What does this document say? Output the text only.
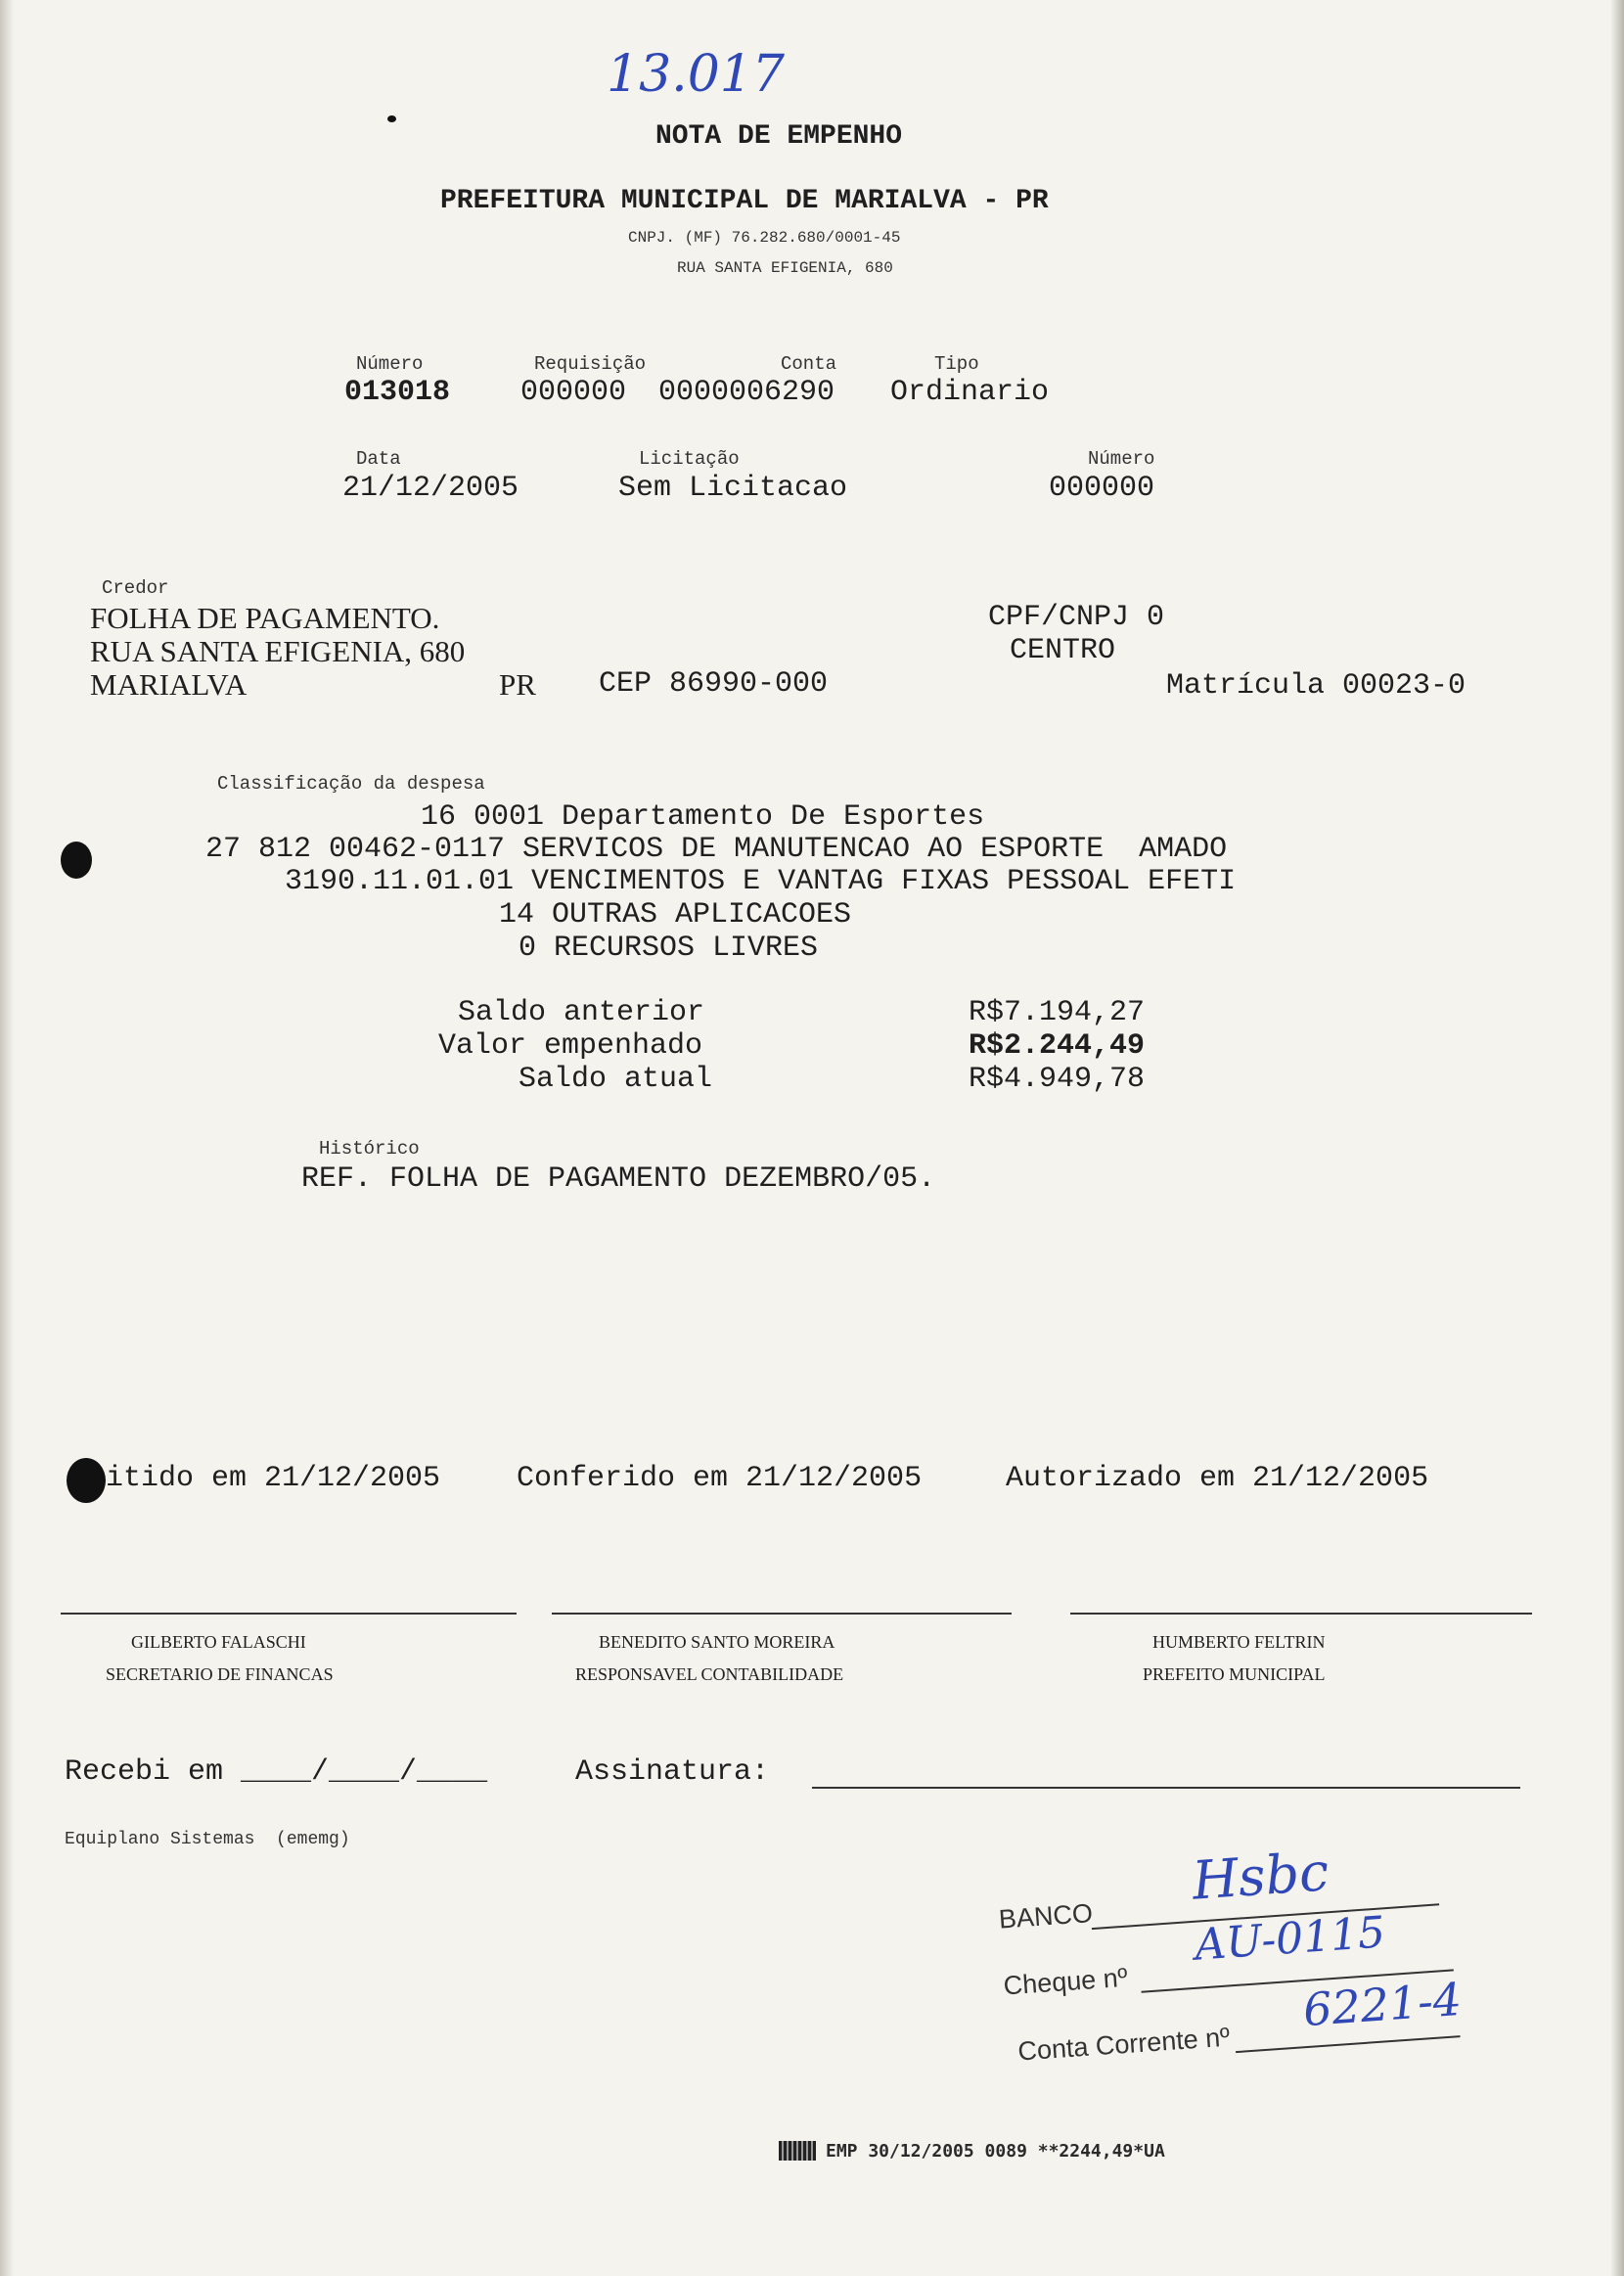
13.017
NOTA DE EMPENHO
PREFEITURA MUNICIPAL DE MARIALVA - PR
CNPJ. (MF) 76.282.680/0001-45
RUA SANTA EFIGENIA, 680
Número
013018
Requisição
000000
Conta
0000006290
Tipo
Ordinario
Data
21/12/2005
Licitação
Sem Licitacao
Número
000000
Credor
FOLHA DE PAGAMENTO.
RUA SANTA EFIGENIA, 680
MARIALVA	PR CEP 86990-000
CPF/CNPJ 0
CENTRO
Matrícula 00023-0
Classificação da despesa
16 0001 Departamento De Esportes
27 812 00462-0117 SERVICOS DE MANUTENCAO AO ESPORTE  AMADO
3190.11.01.01 VENCIMENTOS E VANTAG FIXAS PESSOAL EFETI
14 OUTRAS APLICACOES
0 RECURSOS LIVRES
Saldo anterior	R$7.194,27
Valor empenhado	R$2.244,49
Saldo atual	R$4.949,78
Histórico
REF. FOLHA DE PAGAMENTO DEZEMBRO/05.
itido em 21/12/2005	Conferido em 21/12/2005	Autorizado em 21/12/2005
GILBERTO FALASCHI
SECRETARIO DE FINANCAS
BENEDITO SANTO MOREIRA
RESPONSAVEL CONTABILIDADE
HUMBERTO FELTRIN
PREFEITO MUNICIPAL
Recebi em ____/____/____	Assinatura:
Equiplano Sistemas  (ememg)
BANCO
Hsbc
Cheque nº
AU-0115
Conta Corrente nº
6221-4
EMP 30/12/2005 0089 **2244,49*UA
